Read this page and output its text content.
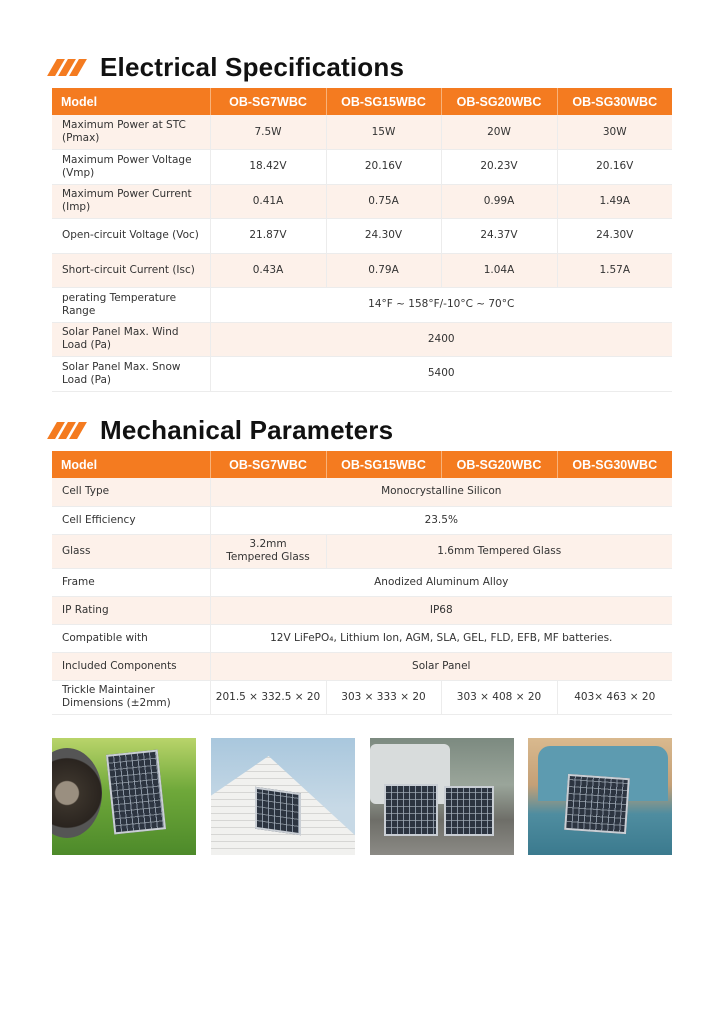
Electrical Specifications
Model	OB-SG7WBC	OB-SG15WBC	OB-SG20WBC	OB-SG30WBC
Maximum Power at STC (Pmax)	7.5W	15W	20W	30W
Maximum Power Voltage (Vmp)	18.42V	20.16V	20.23V	20.16V
Maximum Power Current (Imp)	0.41A	0.75A	0.99A	1.49A
Open-circuit Voltage (Voc)	21.87V	24.30V	24.37V	24.30V
Short-circuit Current (Isc)	0.43A	0.79A	1.04A	1.57A
perating Temperature Range	14°F ~ 158°F/-10°C ~ 70°C			
Solar Panel Max. Wind Load (Pa)	2400			
Solar Panel Max. Snow Load (Pa)	5400			
Mechanical Parameters
Model	OB-SG7WBC	OB-SG15WBC	OB-SG20WBC	OB-SG30WBC
Cell Type	Monocrystalline Silicon			
Cell Efficiency	23.5%			
Glass	3.2mm Tempered Glass	1.6mm Tempered Glass		
Frame	Anodized Aluminum Alloy			
IP Rating	IP68			
Compatible with	12V LiFePO₄, Lithium Ion, AGM, SLA, GEL, FLD, EFB, MF batteries.			
Included Components	Solar Panel			
Trickle Maintainer Dimensions (±2mm)	201.5 × 332.5 × 20	303 × 333 × 20	303 × 408 × 20	403× 463 × 20
